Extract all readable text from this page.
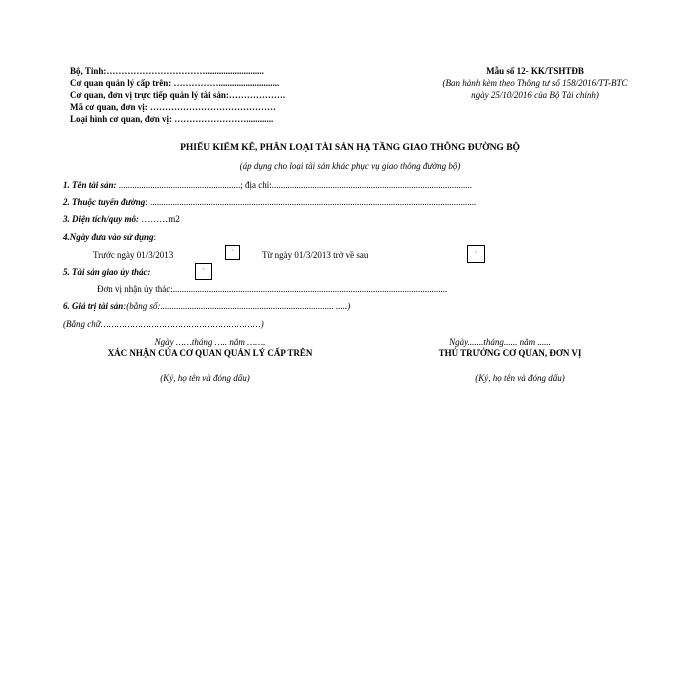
Bộ, Tỉnh:……………………………..........................
Cơ quan quản lý cấp trên: ……………...........................
Cơ quan, đơn vị trực tiếp quản lý tài sản:……………….
Mã cơ quan, đơn vị: ……………………………………
Loại hình cơ quan, đơn vị: ……………………............
Mẫu số 12- KK/TSHTĐB
(Ban hành kèm theo Thông tư số 158/2016/TT-BTC
ngày 25/10/2016 của Bộ Tài chính)
PHIẾU KIỂM KÊ, PHÂN LOẠI TÀI SẢN HẠ TẦNG GIAO THÔNG ĐƯỜNG BỘ
(áp dụng cho loại tài sản khác phục vụ giao thông đường bộ)
1. Tên tài sản: ......................................................; địa chỉ:.........................................................................................
2. Thuộc tuyến đường: .................................................................................................................................................
3. Diện tích/quy mô: ………m2
4.Ngày đưa vào sử dụng:
Trước ngày 01/3/2013	▫	Từ ngày 01/3/2013 trở về sau	▫
5. Tài sản giao ủy thác:	▫
Đơn vị nhận ủy thác:..........................................................................................................................
6. Giá trị tài sản:(bằng số:............................................................................. .....)
(Bằng chữ……………………………………………………)
Ngày ……tháng ….. năm …….
XÁC NHẬN CỦA CƠ QUAN QUẢN LÝ CẤP TRÊN
(Ký, họ tên và đóng dấu)
Ngày.......tháng...... năm ......
THỦ TRƯỞNG CƠ QUAN, ĐƠN VỊ
(Ký, họ tên và đóng dấu)
